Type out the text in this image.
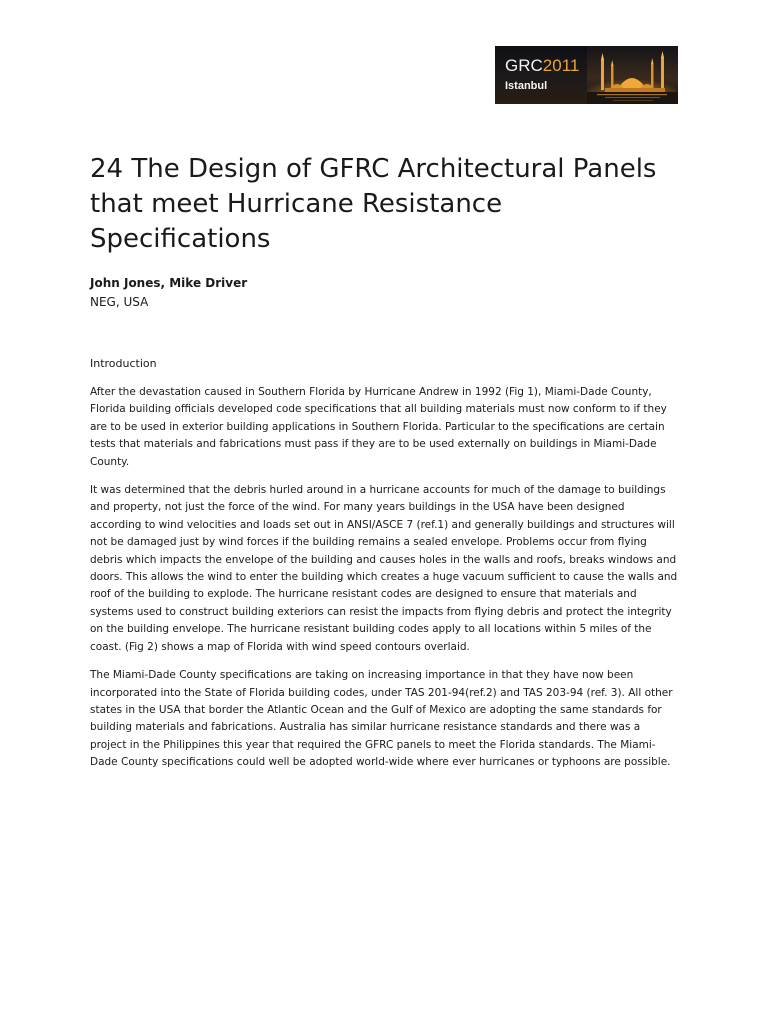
GRC2011
Istanbul
24 The Design of GFRC Architectural Panels that meet Hurricane Resistance Specifications
John Jones, Mike Driver
NEG, USA
Introduction

After the devastation caused in Southern Florida by Hurricane Andrew in 1992 (Fig 1), Miami-Dade County, Florida building officials developed code specifications that all building materials must now conform to if they are to be used in exterior building applications in Southern Florida. Particular to the specifications are certain tests that materials and fabrications must pass if they are to be used externally on buildings in Miami-Dade County.

It was determined that the debris hurled around in a hurricane accounts for much of the damage to buildings and property, not just the force of the wind. For many years buildings in the USA have been designed according to wind velocities and loads set out in ANSI/ASCE 7 (ref.1) and generally buildings and structures will not be damaged just by wind forces if the building remains a sealed envelope. Problems occur from flying debris which impacts the envelope of the building and causes holes in the walls and roofs, breaks windows and doors. This allows the wind to enter the building which creates a huge vacuum sufficient to cause the walls and roof of the building to explode. The hurricane resistant codes are designed to ensure that materials and systems used to construct building exteriors can resist the impacts from flying debris and protect the integrity on the building envelope. The hurricane resistant building codes apply to all locations within 5 miles of the coast. (Fig 2) shows a map of Florida with wind speed contours overlaid.

The Miami-Dade County specifications are taking on increasing importance in that they have now been incorporated into the State of Florida building codes, under TAS 201-94(ref.2) and TAS 203-94 (ref. 3). All other states in the USA that border the Atlantic Ocean and the Gulf of Mexico are adopting the same standards for building materials and fabrications. Australia has similar hurricane resistance standards and there was a project in the Philippines this year that required the GFRC panels to meet the Florida standards. The Miami-Dade County specifications could well be adopted world-wide where ever hurricanes or typhoons are possible.
